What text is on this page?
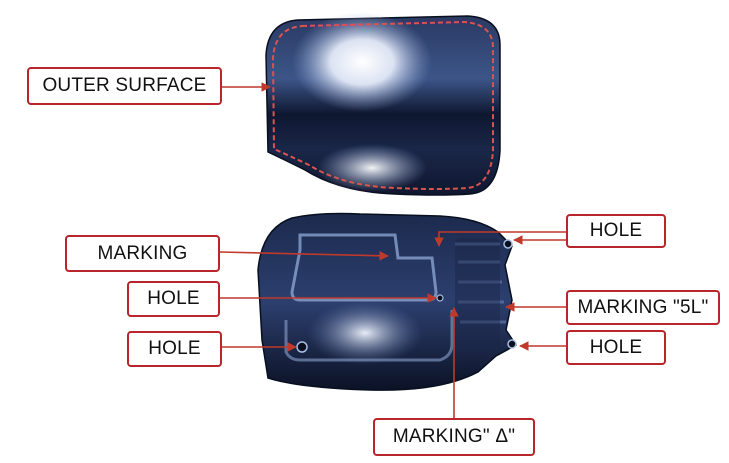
OUTER SURFACE
MARKING
HOLE
HOLE
HOLE
MARKING "5L"
HOLE
MARKING" Δ"
